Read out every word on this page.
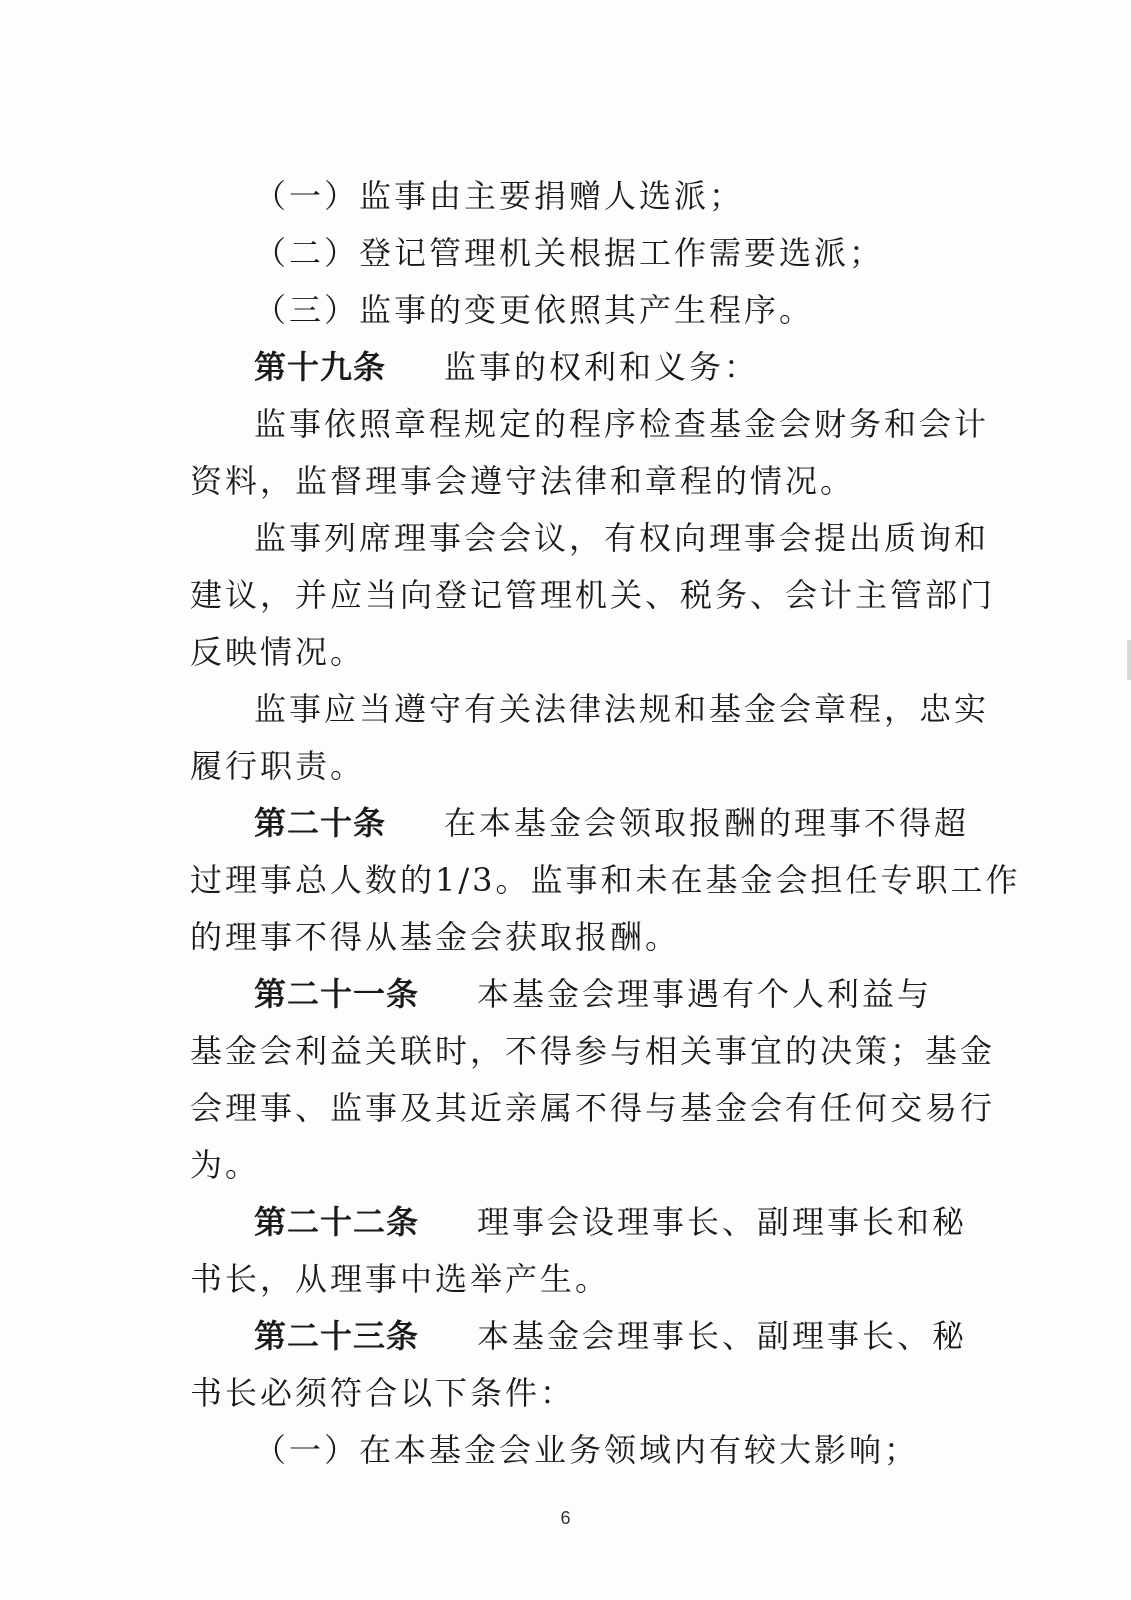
（一）监事由主要捐赠人选派；
（二）登记管理机关根据工作需要选派；
（三）监事的变更依照其产生程序。
第十九条 监事的权利和义务：
监事依照章程规定的程序检查基金会财务和会计
资料，监督理事会遵守法律和章程的情况。
监事列席理事会会议，有权向理事会提出质询和
建议，并应当向登记管理机关、税务、会计主管部门
反映情况。
监事应当遵守有关法律法规和基金会章程，忠实
履行职责。
第二十条 在本基金会领取报酬的理事不得超
过理事总人数的1/3。监事和未在基金会担任专职工作
的理事不得从基金会获取报酬。
第二十一条 本基金会理事遇有个人利益与
基金会利益关联时，不得参与相关事宜的决策；基金
会理事、监事及其近亲属不得与基金会有任何交易行
为。
第二十二条 理事会设理事长、副理事长和秘
书长，从理事中选举产生。
第二十三条 本基金会理事长、副理事长、秘
书长必须符合以下条件：
（一）在本基金会业务领域内有较大影响；
6
